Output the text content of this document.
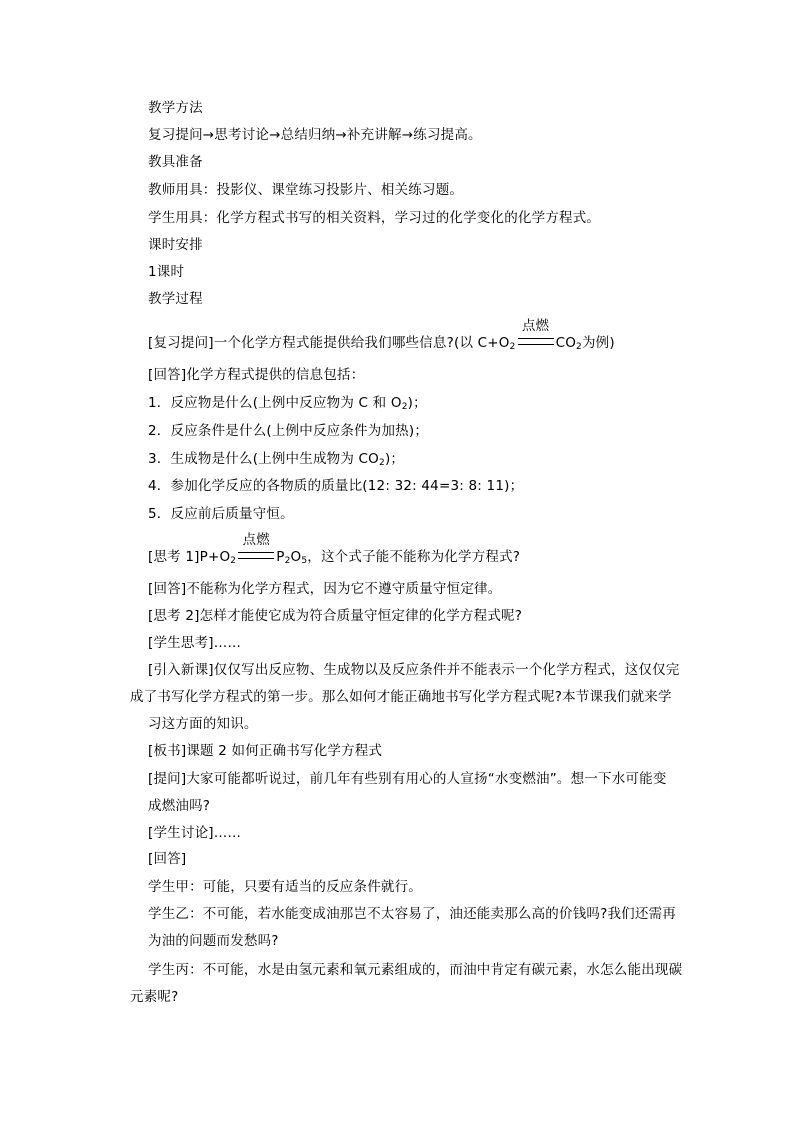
教学方法
复习提问→思考讨论→总结归纳→补充讲解→练习提高。
教具准备
教师用具：投影仪、课堂练习投影片、相关练习题。
学生用具：化学方程式书写的相关资料，学习过的化学变化的化学方程式。
课时安排
1课时
教学过程
[复习提问]一个化学方程式能提供给我们哪些信息?(以 $C+O_2$
点燃
$CO_2$为例)
[回答]化学方程式提供的信息包括：
1．反应物是什么(上例中反应物为 C 和 $O_2$)；
2．反应条件是什么(上例中反应条件为加热)；
3．生成物是什么(上例中生成物为 $CO_2$)；
4．参加化学反应的各物质的质量比(12: 32: 44=3: 8: 11)；
5．反应前后质量守恒。
[思考 $1]P+O_2$
点燃
$P_2O_5$，这个式子能不能称为化学方程式?
[回答]不能称为化学方程式，因为它不遵守质量守恒定律。
[思考 2]怎样才能使它成为符合质量守恒定律的化学方程式呢?
[学生思考]……
[引入新课]仅仅写出反应物、生成物以及反应条件并不能表示一个化学方程式，这仅仅完
成了书写化学方程式的第一步。那么如何才能正确地书写化学方程式呢?本节课我们就来学
习这方面的知识。
[板书]课题 2 如何正确书写化学方程式
[提问]大家可能都听说过，前几年有些别有用心的人宣扬“水变燃油”。想一下水可能变
成燃油吗?
[学生讨论]……
[回答]
学生甲：可能，只要有适当的反应条件就行。
学生乙：不可能，若水能变成油那岂不太容易了，油还能卖那么高的价钱吗?我们还需再
为油的问题而发愁吗?
学生丙：不可能，水是由氢元素和氧元素组成的，而油中肯定有碳元素，水怎么能出现碳
元素呢?
